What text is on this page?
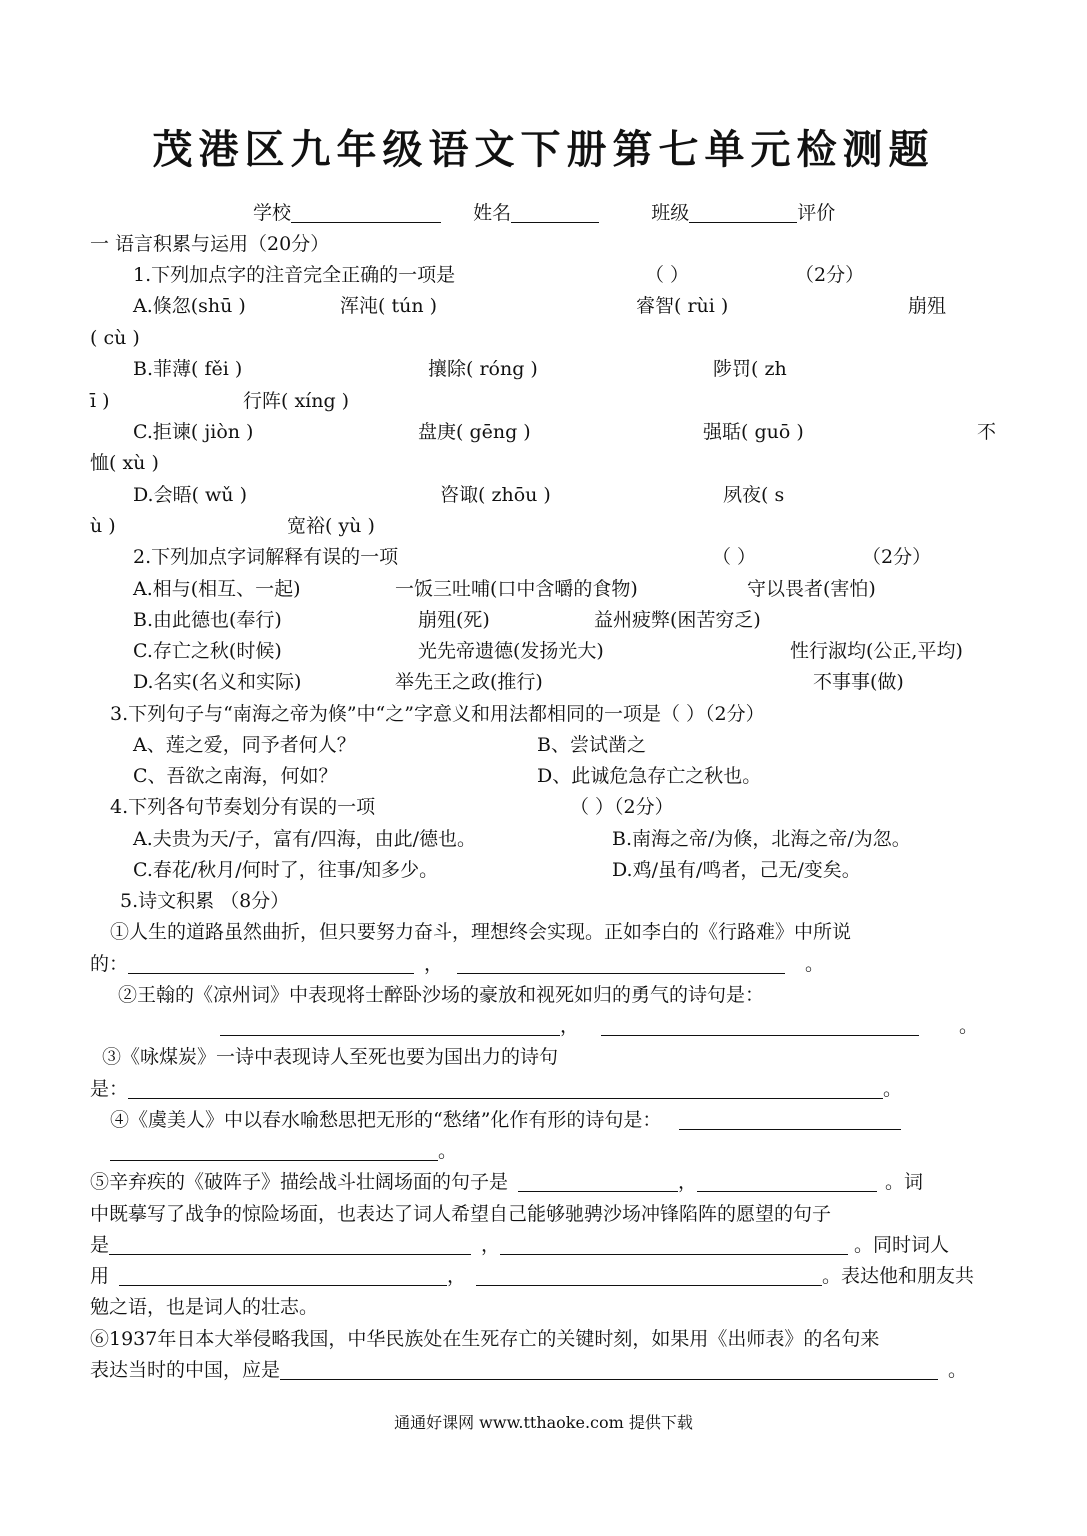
茂港区九年级语文下册第七单元检测题
学校	姓名	班级	评价
一 语言积累与运用（20分）
1.下列加点字的注音完全正确的一项是	（ ）	（2分）
A.倏忽(shū )	浑沌( tún )	睿智( rùi )	崩殂
( cù )
B.菲薄( fěi )	攘除( róng )	陟罚( zh
ī )	行阵( xíng )
C.拒谏( jiòn )	盘庚( gēng )	强聒( guō )	不
恤( xù )
D.会晤( wǔ )	咨诹( zhōu )	夙夜( s
ù )	宽裕( yù )
2.下列加点字词解释有误的一项	（ ）	（2分）
A.相与(相互、一起)	一饭三吐哺(口中含嚼的食物)	守以畏者(害怕)
B.由此德也(奉行)	崩殂(死)	益州疲弊(困苦穷乏)
C.存亡之秋(时候)	光先帝遗德(发扬光大)	性行淑均(公正,平均)
D.名实(名义和实际)	举先王之政(推行)	不事事(做)
3.下列句子与“南海之帝为倏”中“之”字意义和用法都相同的一项是（ ）（2分）
A、莲之爱，同予者何人？	B、尝试凿之
C、吾欲之南海，何如？	D、此诚危急存亡之秋也。
4.下列各句节奏划分有误的一项	（ ）（2分）
A.夫贵为天/子，富有/四海，由此/德也。	B.南海之帝/为倏，北海之帝/为忽。
C.春花/秋月/何时了，往事/知多少。	D.鸡/虽有/鸣者，己无/变矣。
5.诗文积累 （8分）
①人生的道路虽然曲折，但只要努力奋斗，理想终会实现。正如李白的《行路难》中所说
的：	，	。
②王翰的《凉州词》中表现将士醉卧沙场的豪放和视死如归的勇气的诗句是：
，	。
③《咏煤炭》一诗中表现诗人至死也要为国出力的诗句
是：	。
④《虞美人》中以春水喻愁思把无形的“愁绪”化作有形的诗句是：
。
⑤辛弃疾的《破阵子》描绘战斗壮阔场面的句子是	，	。词
中既摹写了战争的惊险场面，也表达了词人希望自己能够驰骋沙场冲锋陷阵的愿望的句子
是	，	。同时词人
用	，	。表达他和朋友共
勉之语，也是词人的壮志。
⑥1937年日本大举侵略我国，中华民族处在生死存亡的关键时刻，如果用《出师表》的名句来
表达当时的中国，应是	。
通通好课网 www.tthaoke.com 提供下载
